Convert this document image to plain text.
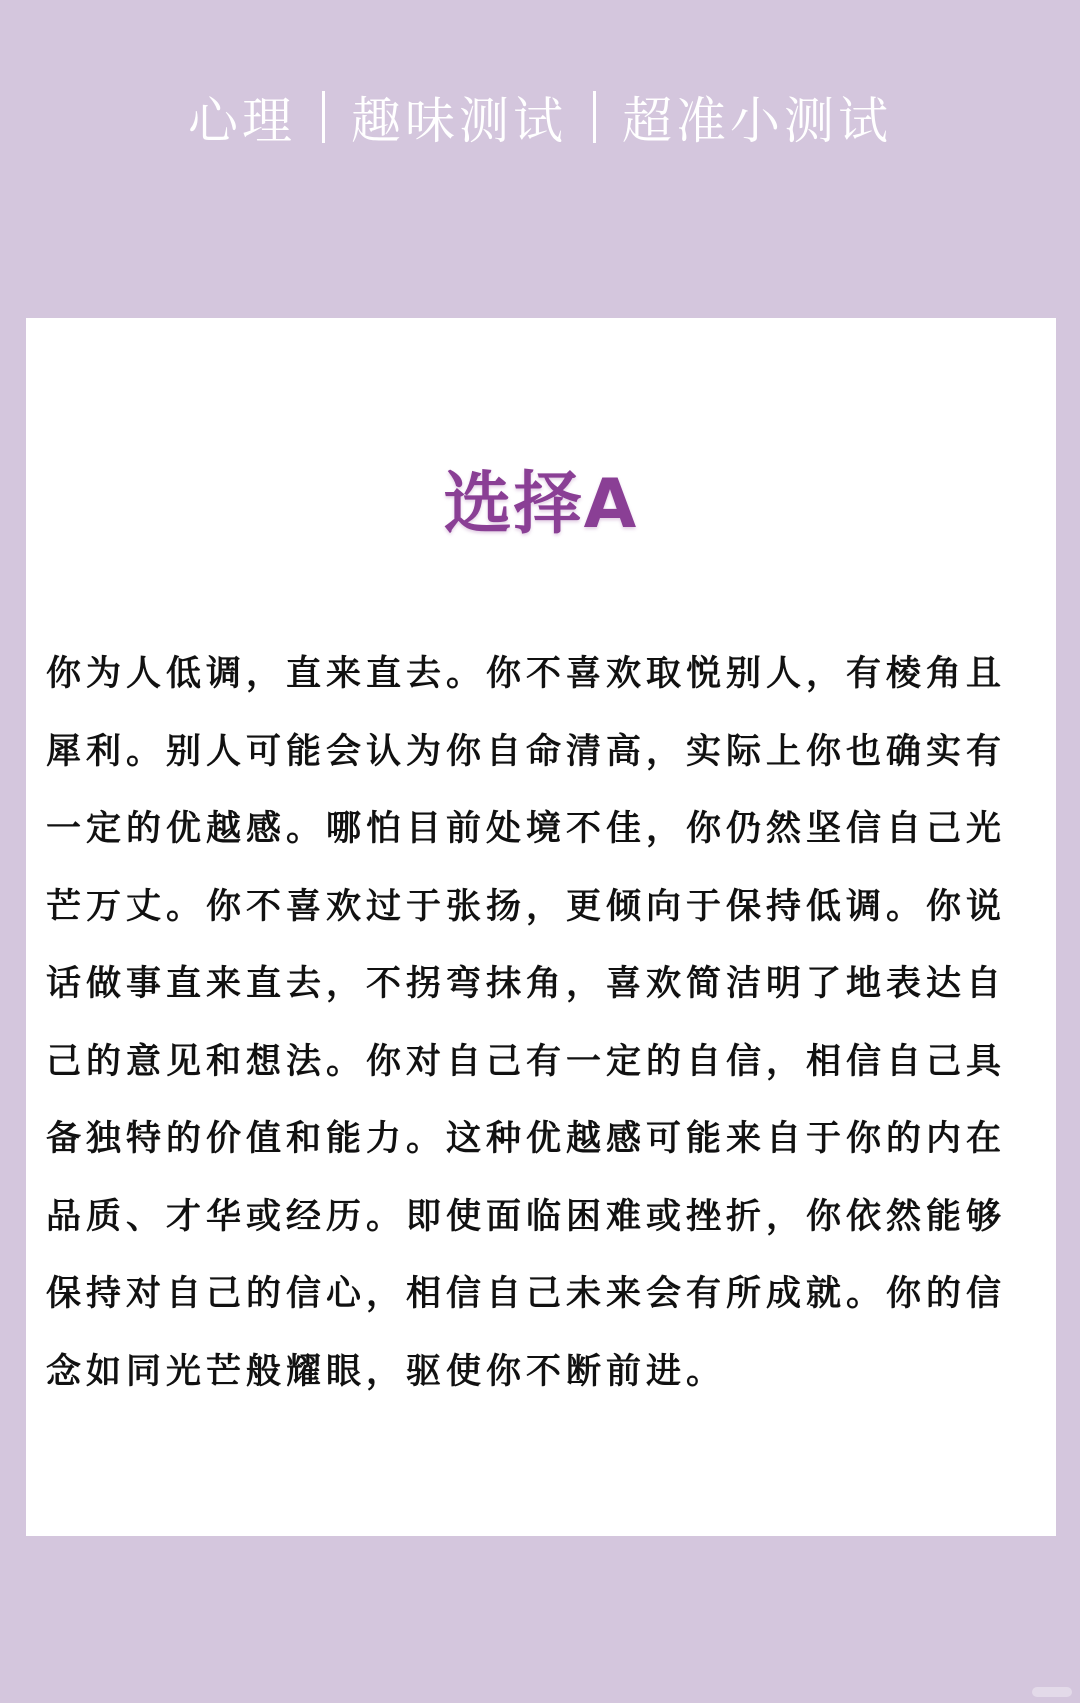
心理 趣味测试 超准小测试
选择A

你为人低调，直来直去。你不喜欢取悦别人，有棱角且犀利。别人可能会认为你自命清高，实际上你也确实有一定的优越感。哪怕目前处境不佳，你仍然坚信自己光芒万丈。你不喜欢过于张扬，更倾向于保持低调。你说话做事直来直去，不拐弯抹角，喜欢简洁明了地表达自己的意见和想法。你对自己有一定的自信，相信自己具备独特的价值和能力。这种优越感可能来自于你的内在品质、才华或经历。即使面临困难或挫折，你依然能够保持对自己的信心，相信自己未来会有所成就。你的信念如同光芒般耀眼，驱使你不断前进。
